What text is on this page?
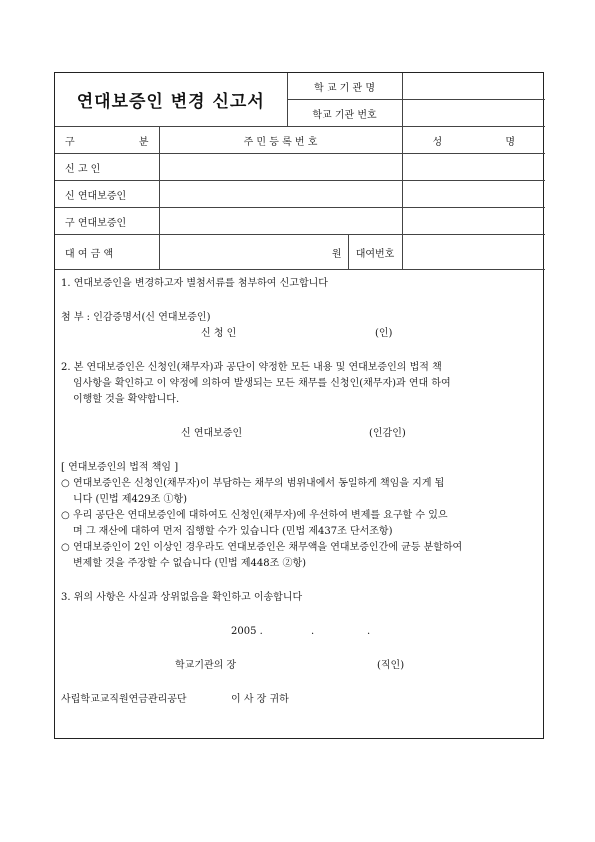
연대보증인 변경 신고서		학 교 기 관 명		
		학교 기관 번호		

구 분	주 민 등 록 번 호			성 명

신 고 인				
신 연대보증인				
구 연대보증인				
대 여 금 액	원		대여번호	
1. 연대보증인을 변경하고자 별첨서류를 첨부하여 신고합니다
첨 부 : 인감증명서(신 연대보증인)
신 청 인	(인)
2. 본 연대보증인은 신청인(채무자)과 공단이 약정한 모든 내용 및 연대보증인의 법적 책
임사항을 확인하고 이 약정에 의하여 발생되는 모든 채무를 신청인(채무자)과 연대 하여
이행할 것을 확약합니다.
신 연대보증인	(인감인)
[ 연대보증인의 법적 책임 ]
○ 연대보증인은 신청인(채무자)이 부담하는 채무의 범위내에서 동일하게 책임을 지게 됩
니다 (민법 제429조 ①항)
○ 우리 공단은 연대보증인에 대하여도 신청인(채무자)에 우선하여 변제를 요구할 수 있으
며 그 재산에 대하여 먼저 집행할 수가 있습니다 (민법 제437조 단서조항)
○ 연대보증인이 2인 이상인 경우라도 연대보증인은 채무액을 연대보증인간에 균등 분할하여
변제할 것을 주장할 수 없습니다 (민법 제448조 ②항)
3. 위의 사항은 사실과 상위없음을 확인하고 이송합니다
2005 .	.	.
학교기관의 장	(직인)
사립학교교직원연금관리공단	이 사 장 귀하
